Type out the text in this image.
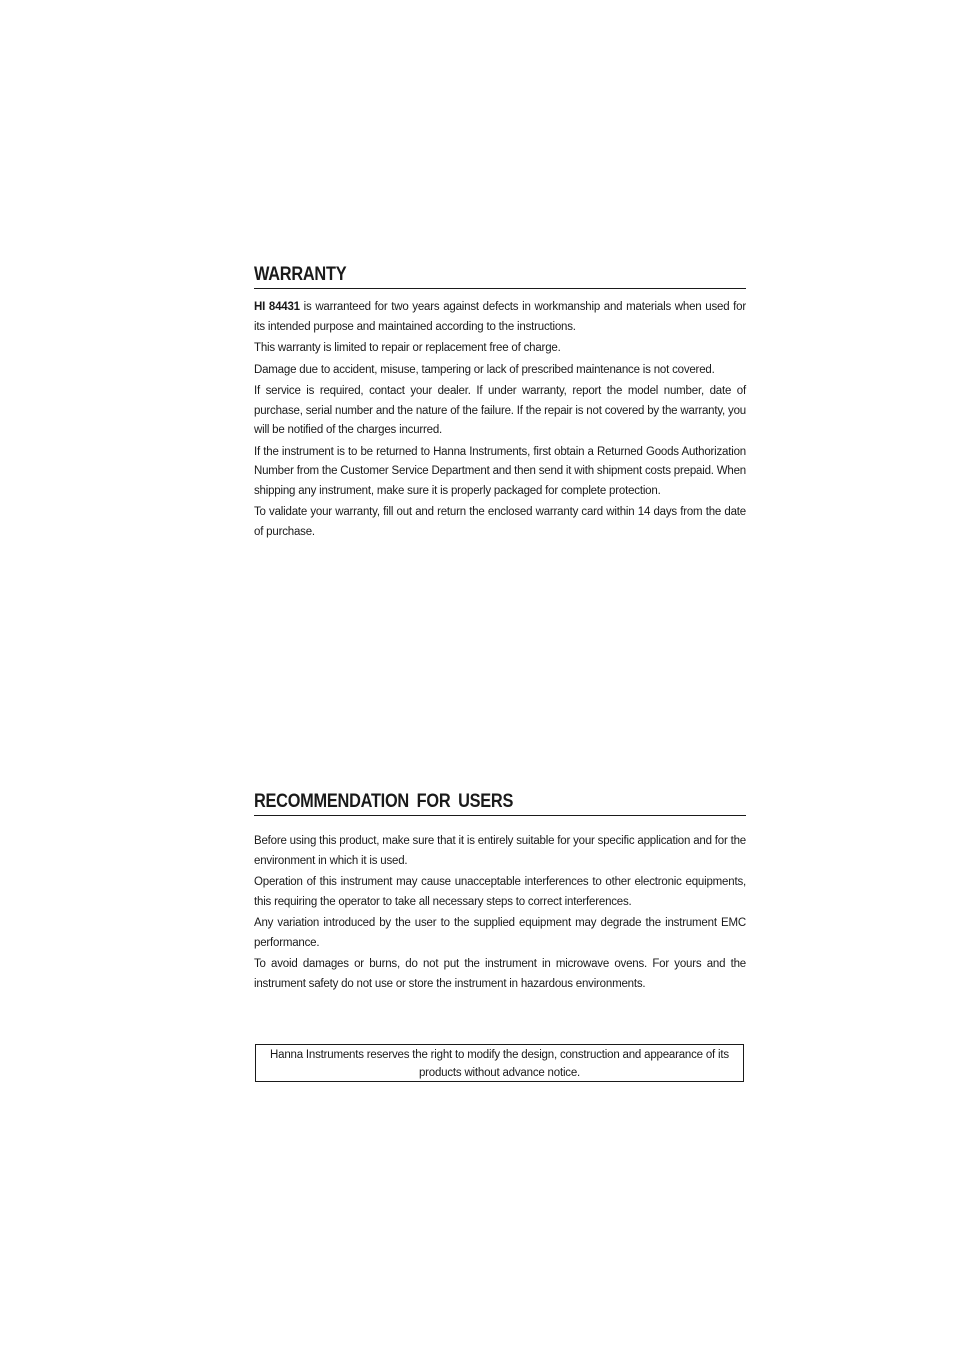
WARRANTY

HI 84431 is warranteed for two years against defects in workmanship and materials when used for its intended purpose and maintained according to the instructions.

This warranty is limited to repair or replacement free of charge.

Damage due to accident, misuse, tampering or lack of prescribed maintenance is not covered.

If service is required, contact your dealer. If under warranty, report the model number, date of purchase, serial number and the nature of the failure. If the repair is not covered by the warranty, you will be notified of the charges incurred.

If the instrument is to be returned to Hanna Instruments, first obtain a Returned Goods Authorization Number from the Customer Service Department and then send it with shipment costs prepaid. When shipping any instrument, make sure it is properly packaged for complete protection.

To validate your warranty, fill out and return the enclosed warranty card within 14 days from the date of purchase.

RECOMMENDATION FOR USERS

Before using this product, make sure that it is entirely suitable for your specific application and for the environment in which it is used.

Operation of this instrument may cause unacceptable interferences to other electronic equipments, this requiring the operator to take all necessary steps to correct interferences.

Any variation introduced by the user to the supplied equipment may degrade the instrument EMC performance.

To avoid damages or burns, do not put the instrument in microwave ovens. For yours and the instrument safety do not use or store the instrument in hazardous environments.

Hanna Instruments reserves the right to modify the design, construction and appearance of its products without advance notice.
